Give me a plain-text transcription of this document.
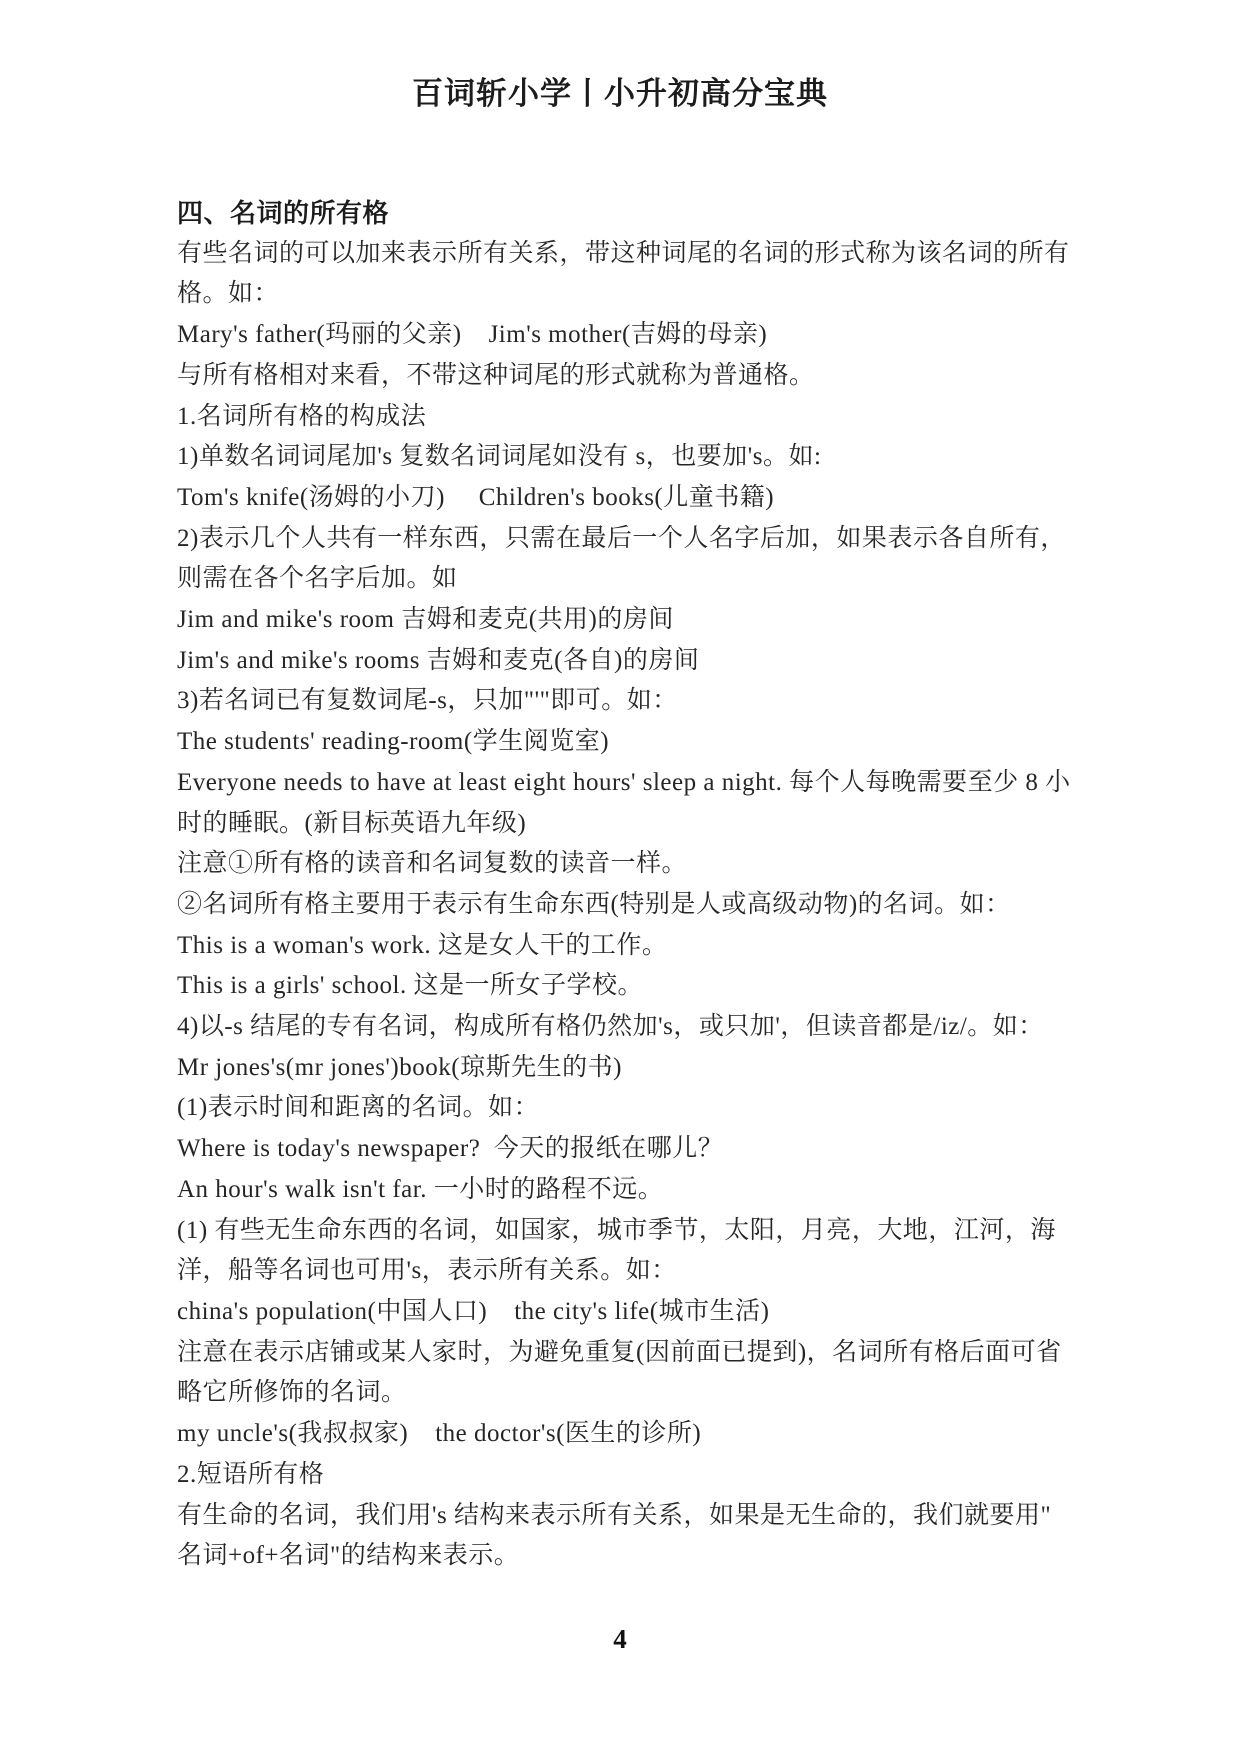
百词斩小学丨小升初高分宝典
四、名词的所有格
有些名词的可以加来表示所有关系，带这种词尾的名词的形式称为该名词的所有
格。如：
Mary's father(玛丽的父亲)    Jim's mother(吉姆的母亲)
与所有格相对来看，不带这种词尾的形式就称为普通格。
1.名词所有格的构成法
1)单数名词词尾加's 复数名词词尾如没有 s，也要加's。如:
Tom's knife(汤姆的小刀)     Children's books(儿童书籍)
2)表示几个人共有一样东西，只需在最后一个人名字后加，如果表示各自所有，
则需在各个名字后加。如
Jim and mike's room 吉姆和麦克(共用)的房间
Jim's and mike's rooms 吉姆和麦克(各自)的房间
3)若名词已有复数词尾-s，只加"'"即可。如：
The students' reading-room(学生阅览室)
Everyone needs to have at least eight hours' sleep a night. 每个人每晚需要至少 8 小
时的睡眠。(新目标英语九年级)
注意①所有格的读音和名词复数的读音一样。
②名词所有格主要用于表示有生命东西(特别是人或高级动物)的名词。如：
This is a woman's work. 这是女人干的工作。
This is a girls' school. 这是一所女子学校。
4)以-s 结尾的专有名词，构成所有格仍然加's，或只加'，但读音都是/iz/。如：
Mr jones's(mr jones')book(琼斯先生的书)
(1)表示时间和距离的名词。如：
Where is today's newspaper?  今天的报纸在哪儿？
An hour's walk isn't far. 一小时的路程不远。
(1) 有些无生命东西的名词，如国家，城市季节，太阳，月亮，大地，江河，海
洋，船等名词也可用's，表示所有关系。如：
china's population(中国人口)    the city's life(城市生活)
注意在表示店铺或某人家时，为避免重复(因前面已提到)，名词所有格后面可省
略它所修饰的名词。
my uncle's(我叔叔家)    the doctor's(医生的诊所)
2.短语所有格
有生命的名词，我们用's 结构来表示所有关系，如果是无生命的，我们就要用"
名词+of+名词"的结构来表示。
4
